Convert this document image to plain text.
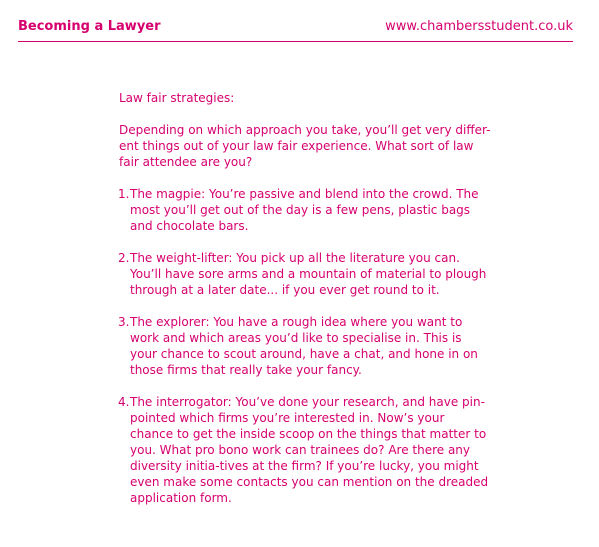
Becoming a Lawyer	www.chambersstudent.co.uk

Law fair strategies:

Depending on which approach you take, you’ll get very differ-ent things out of your law fair experience. What sort of law fair attendee are you?

1. The magpie: You’re passive and blend into the crowd. The most you’ll get out of the day is a few pens, plastic bags and chocolate bars.
2. The weight-lifter: You pick up all the literature you can. You’ll have sore arms and a mountain of material to plough through at a later date... if you ever get round to it.
3. The explorer: You have a rough idea where you want to work and which areas you’d like to specialise in. This is your chance to scout around, have a chat, and hone in on those firms that really take your fancy.
4. The interrogator: You’ve done your research, and have pin-pointed which firms you’re interested in. Now’s your chance to get the inside scoop on the things that matter to you. What pro bono work can trainees do? Are there any diversity initia-tives at the firm? If you’re lucky, you might even make some contacts you can mention on the dreaded application form.
